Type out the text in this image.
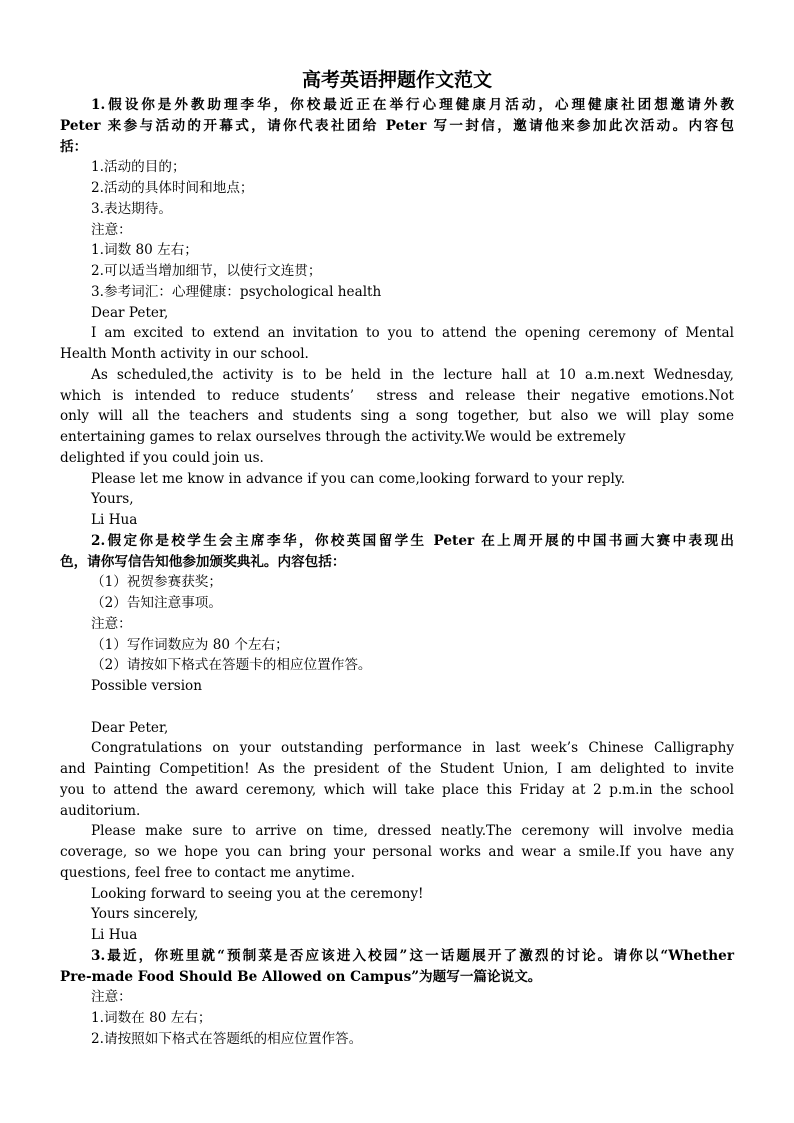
高考英语押题作文范文
1.假设你是外教助理李华，你校最近正在举行心理健康月活动，心理健康社团想邀请外教
Peter 来参与活动的开幕式，请你代表社团给 Peter 写一封信，邀请他来参加此次活动。内容包
括：
1.活动的目的；
2.活动的具体时间和地点；
3.表达期待。
注意：
1.词数 80 左右；
2.可以适当增加细节，以使行文连贯；
3.参考词汇：心理健康：psychological health
Dear Peter,
I am excited to extend an invitation to you to attend the opening ceremony of Mental
Health Month activity in our school.
As scheduled,the activity is to be held in the lecture hall at 10 a.m.next Wednesday,
which is intended to reduce students’  stress and release their negative emotions.Not
only will all the teachers and students sing a song together, but also we will play some
entertaining games to relax ourselves through the activity.We would be extremely
delighted if you could join us.
Please let me know in advance if you can come,looking forward to your reply.
Yours,
Li Hua
2.假定你是校学生会主席李华，你校英国留学生 Peter 在上周开展的中国书画大赛中表现出
色，请你写信告知他参加颁奖典礼。内容包括：
（1）祝贺参赛获奖；
（2）告知注意事项。
注意：
（1）写作词数应为 80 个左右；
（2）请按如下格式在答题卡的相应位置作答。
Possible version
Dear Peter,
Congratulations on your outstanding performance in last week’s Chinese Calligraphy
and Painting Competition! As the president of the Student Union, I am delighted to invite
you to attend the award ceremony, which will take place this Friday at 2 p.m.in the school
auditorium.
Please make sure to arrive on time, dressed neatly.The ceremony will involve media
coverage, so we hope you can bring your personal works and wear a smile.If you have any
questions, feel free to contact me anytime.
Looking forward to seeing you at the ceremony!
Yours sincerely,
Li Hua
3.最近，你班里就“预制菜是否应该进入校园”这一话题展开了激烈的讨论。请你以“Whether
Pre-made Food Should Be Allowed on Campus”为题写一篇论说文。
注意：
1.词数在 80 左右；
2.请按照如下格式在答题纸的相应位置作答。
